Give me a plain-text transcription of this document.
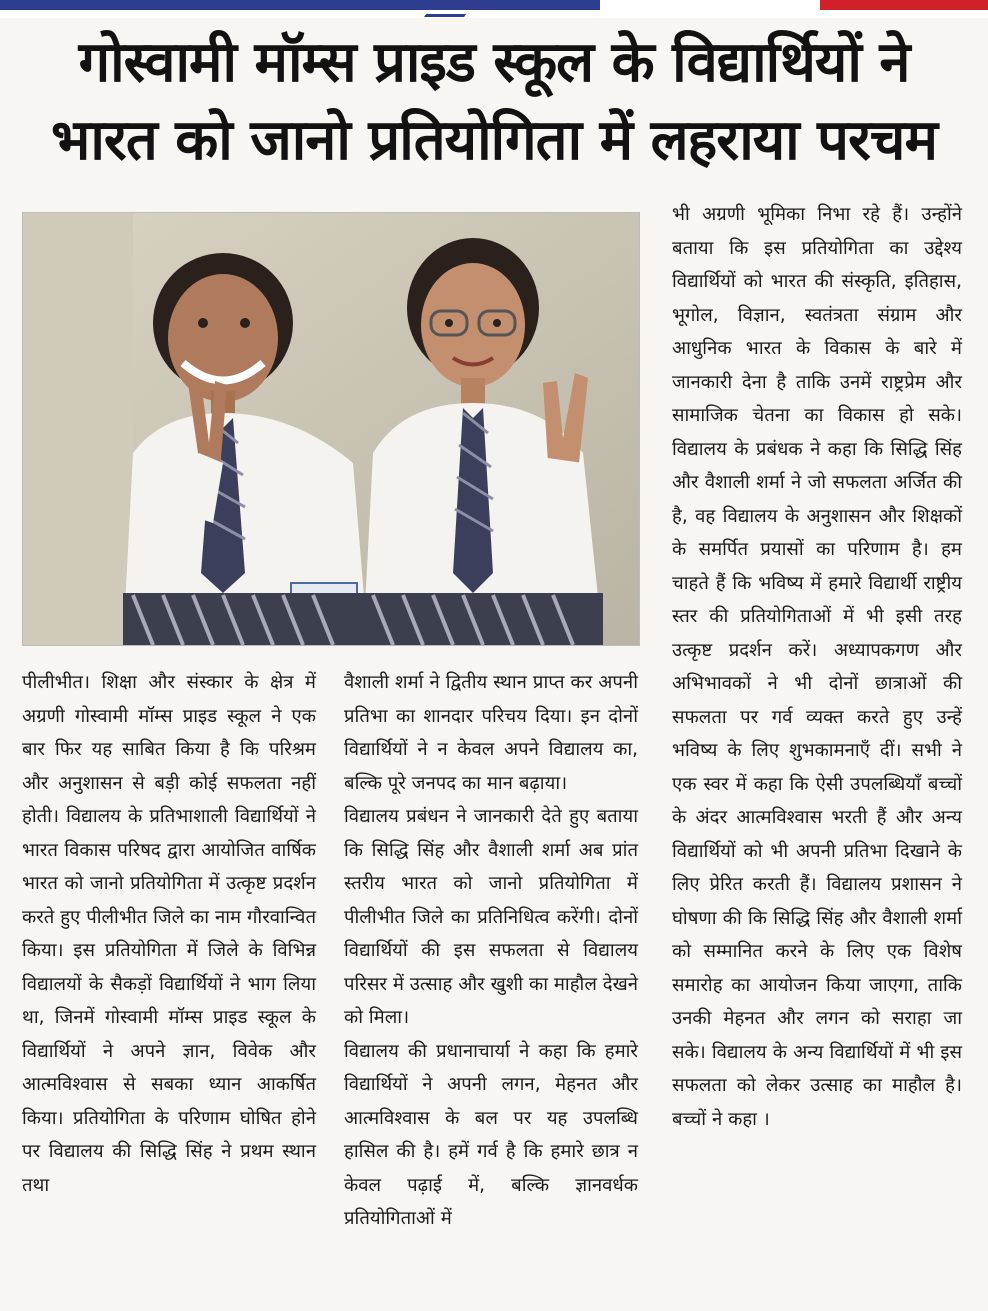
गोस्वामी मॉम्स प्राइड स्कूल के विद्यार्थियों ने
भारत को जानो प्रतियोगिता में लहराया परचम

पीलीभीत। शिक्षा और संस्कार के क्षेत्र में अग्रणी गोस्वामी मॉम्स प्राइड स्कूल ने एक बार फिर यह साबित किया है कि परिश्रम और अनुशासन से बड़ी कोई सफलता नहीं होती। विद्यालय के प्रतिभाशाली विद्यार्थियों ने भारत विकास परिषद द्वारा आयोजित वार्षिक भारत को जानो प्रतियोगिता में उत्कृष्ट प्रदर्शन करते हुए पीलीभीत जिले का नाम गौरवान्वित किया। इस प्रतियोगिता में जिले के विभिन्न विद्यालयों के सैकड़ों विद्यार्थियों ने भाग लिया था, जिनमें गोस्वामी मॉम्स प्राइड स्कूल के विद्यार्थियों ने अपने ज्ञान, विवेक और आत्मविश्वास से सबका ध्यान आकर्षित किया। प्रतियोगिता के परिणाम घोषित होने पर विद्यालय की सिद्धि सिंह ने प्रथम स्थान तथा

वैशाली शर्मा ने द्वितीय स्थान प्राप्त कर अपनी प्रतिभा का शानदार परिचय दिया। इन दोनों विद्यार्थियों ने न केवल अपने विद्यालय का, बल्कि पूरे जनपद का मान बढ़ाया।

विद्यालय प्रबंधन ने जानकारी देते हुए बताया कि सिद्धि सिंह और वैशाली शर्मा अब प्रांत स्तरीय भारत को जानो प्रतियोगिता में पीलीभीत जिले का प्रतिनिधित्व करेंगी। दोनों विद्यार्थियों की इस सफलता से विद्यालय परिसर में उत्साह और खुशी का माहौल देखने को मिला।

विद्यालय की प्रधानाचार्या ने कहा कि हमारे विद्यार्थियों ने अपनी लगन, मेहनत और आत्मविश्वास के बल पर यह उपलब्धि हासिल की है। हमें गर्व है कि हमारे छात्र न केवल पढ़ाई में, बल्कि ज्ञानवर्धक प्रतियोगिताओं में

भी अग्रणी भूमिका निभा रहे हैं। उन्होंने बताया कि इस प्रतियोगिता का उद्देश्य विद्यार्थियों को भारत की संस्कृति, इतिहास, भूगोल, विज्ञान, स्वतंत्रता संग्राम और आधुनिक भारत के विकास के बारे में जानकारी देना है ताकि उनमें राष्ट्रप्रेम और सामाजिक चेतना का विकास हो सके। विद्यालय के प्रबंधक ने कहा कि सिद्धि सिंह और वैशाली शर्मा ने जो सफलता अर्जित की है, वह विद्यालय के अनुशासन और शिक्षकों के समर्पित प्रयासों का परिणाम है। हम चाहते हैं कि भविष्य में हमारे विद्यार्थी राष्ट्रीय स्तर की प्रतियोगिताओं में भी इसी तरह उत्कृष्ट प्रदर्शन करें। अध्यापकगण और अभिभावकों ने भी दोनों छात्राओं की सफलता पर गर्व व्यक्त करते हुए उन्हें भविष्य के लिए शुभकामनाएँ दीं। सभी ने एक स्वर में कहा कि ऐसी उपलब्धियाँ बच्चों के अंदर आत्मविश्वास भरती हैं और अन्य विद्यार्थियों को भी अपनी प्रतिभा दिखाने के लिए प्रेरित करती हैं। विद्यालय प्रशासन ने घोषणा की कि सिद्धि सिंह और वैशाली शर्मा को सम्मानित करने के लिए एक विशेष समारोह का आयोजन किया जाएगा, ताकि उनकी मेहनत और लगन को सराहा जा सके। विद्यालय के अन्य विद्यार्थियों में भी इस सफलता को लेकर उत्साह का माहौल है। बच्चों ने कहा ।
